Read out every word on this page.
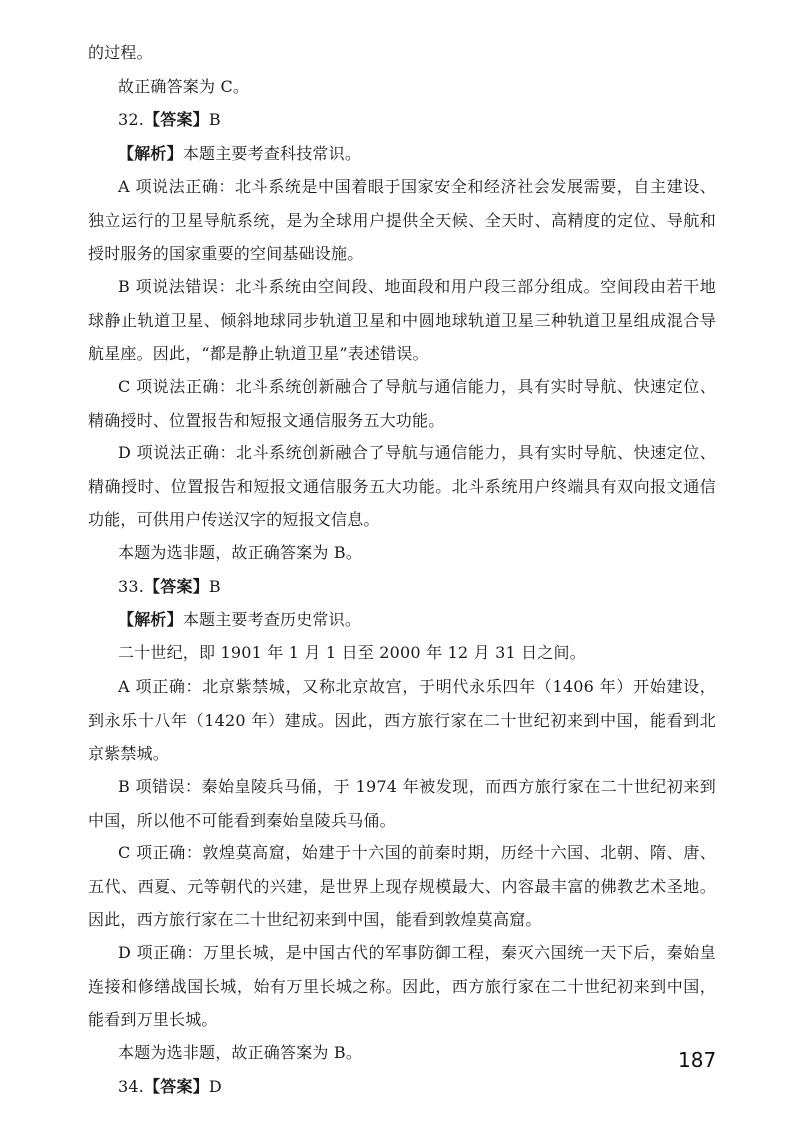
的过程。

故正确答案为 C。

32.【答案】B

【解析】本题主要考查科技常识。

A 项说法正确：北斗系统是中国着眼于国家安全和经济社会发展需要，自主建设、独立运行的卫星导航系统，是为全球用户提供全天候、全天时、高精度的定位、导航和授时服务的国家重要的空间基础设施。

B 项说法错误：北斗系统由空间段、地面段和用户段三部分组成。空间段由若干地球静止轨道卫星、倾斜地球同步轨道卫星和中圆地球轨道卫星三种轨道卫星组成混合导航星座。因此，“都是静止轨道卫星”表述错误。

C 项说法正确：北斗系统创新融合了导航与通信能力，具有实时导航、快速定位、精确授时、位置报告和短报文通信服务五大功能。

D 项说法正确：北斗系统创新融合了导航与通信能力，具有实时导航、快速定位、精确授时、位置报告和短报文通信服务五大功能。北斗系统用户终端具有双向报文通信功能，可供用户传送汉字的短报文信息。

本题为选非题，故正确答案为 B。

33.【答案】B

【解析】本题主要考查历史常识。

二十世纪，即 1901 年 1 月 1 日至 2000 年 12 月 31 日之间。

A 项正确：北京紫禁城，又称北京故宫，于明代永乐四年（1406 年）开始建设，到永乐十八年（1420 年）建成。因此，西方旅行家在二十世纪初来到中国，能看到北京紫禁城。

B 项错误：秦始皇陵兵马俑，于 1974 年被发现，而西方旅行家在二十世纪初来到中国，所以他不可能看到秦始皇陵兵马俑。

C 项正确：敦煌莫高窟，始建于十六国的前秦时期，历经十六国、北朝、隋、唐、五代、西夏、元等朝代的兴建，是世界上现存规模最大、内容最丰富的佛教艺术圣地。因此，西方旅行家在二十世纪初来到中国，能看到敦煌莫高窟。

D 项正确：万里长城，是中国古代的军事防御工程，秦灭六国统一天下后，秦始皇连接和修缮战国长城，始有万里长城之称。因此，西方旅行家在二十世纪初来到中国，能看到万里长城。

本题为选非题，故正确答案为 B。

34.【答案】D

187
